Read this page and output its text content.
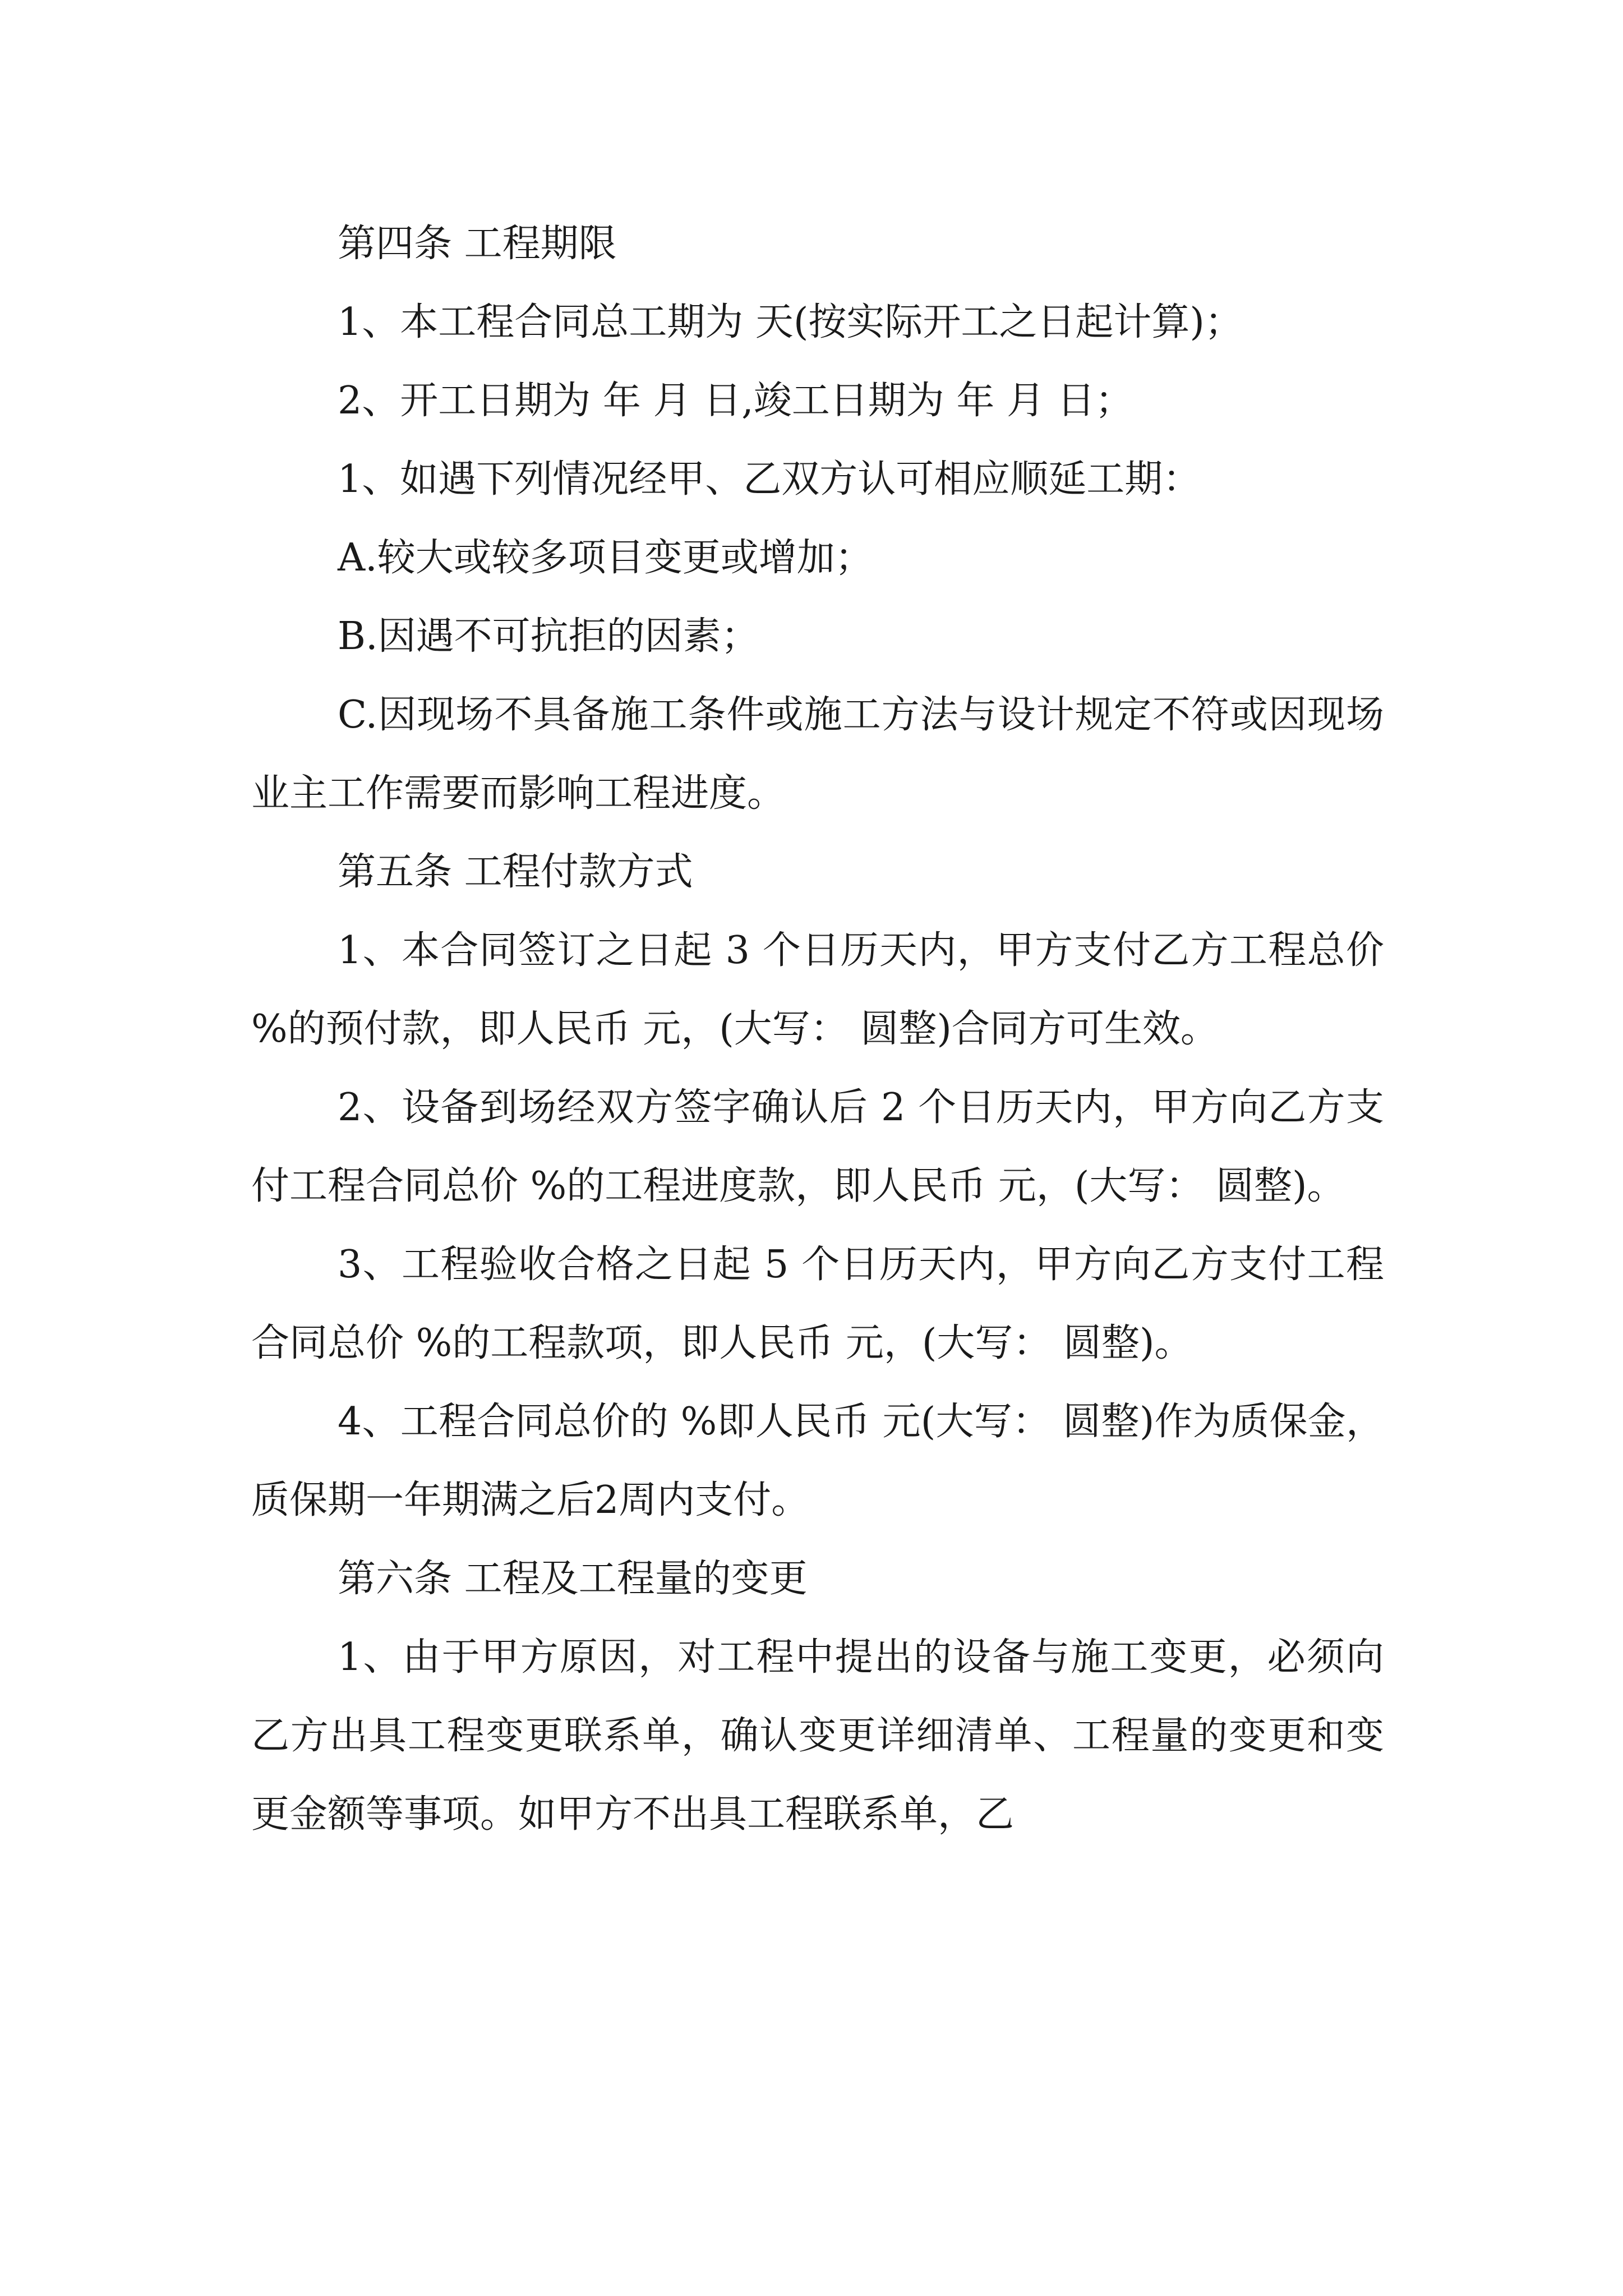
第四条 工程期限

1、本工程合同总工期为 天(按实际开工之日起计算)；

2、开工日期为 年 月 日,竣工日期为 年 月 日；

1、如遇下列情况经甲、乙双方认可相应顺延工期：

A.较大或较多项目变更或增加；

B.因遇不可抗拒的因素；

C.因现场不具备施工条件或施工方法与设计规定不符或因现场业主工作需要而影响工程进度。

第五条 工程付款方式

1、本合同签订之日起 3 个日历天内，甲方支付乙方工程总价 %的预付款，即人民币 元，(大写： 圆整)合同方可生效。

2、设备到场经双方签字确认后 2 个日历天内，甲方向乙方支付工程合同总价 %的工程进度款，即人民币 元，(大写： 圆整)。

3、工程验收合格之日起 5 个日历天内，甲方向乙方支付工程合同总价 %的工程款项，即人民币 元，(大写： 圆整)。

4、工程合同总价的 %即人民币 元(大写： 圆整)作为质保金，质保期一年期满之后2周内支付。

第六条 工程及工程量的变更

1、由于甲方原因，对工程中提出的设备与施工变更，必须向乙方出具工程变更联系单，确认变更详细清单、工程量的变更和变更金额等事项。如甲方不出具工程联系单，乙
